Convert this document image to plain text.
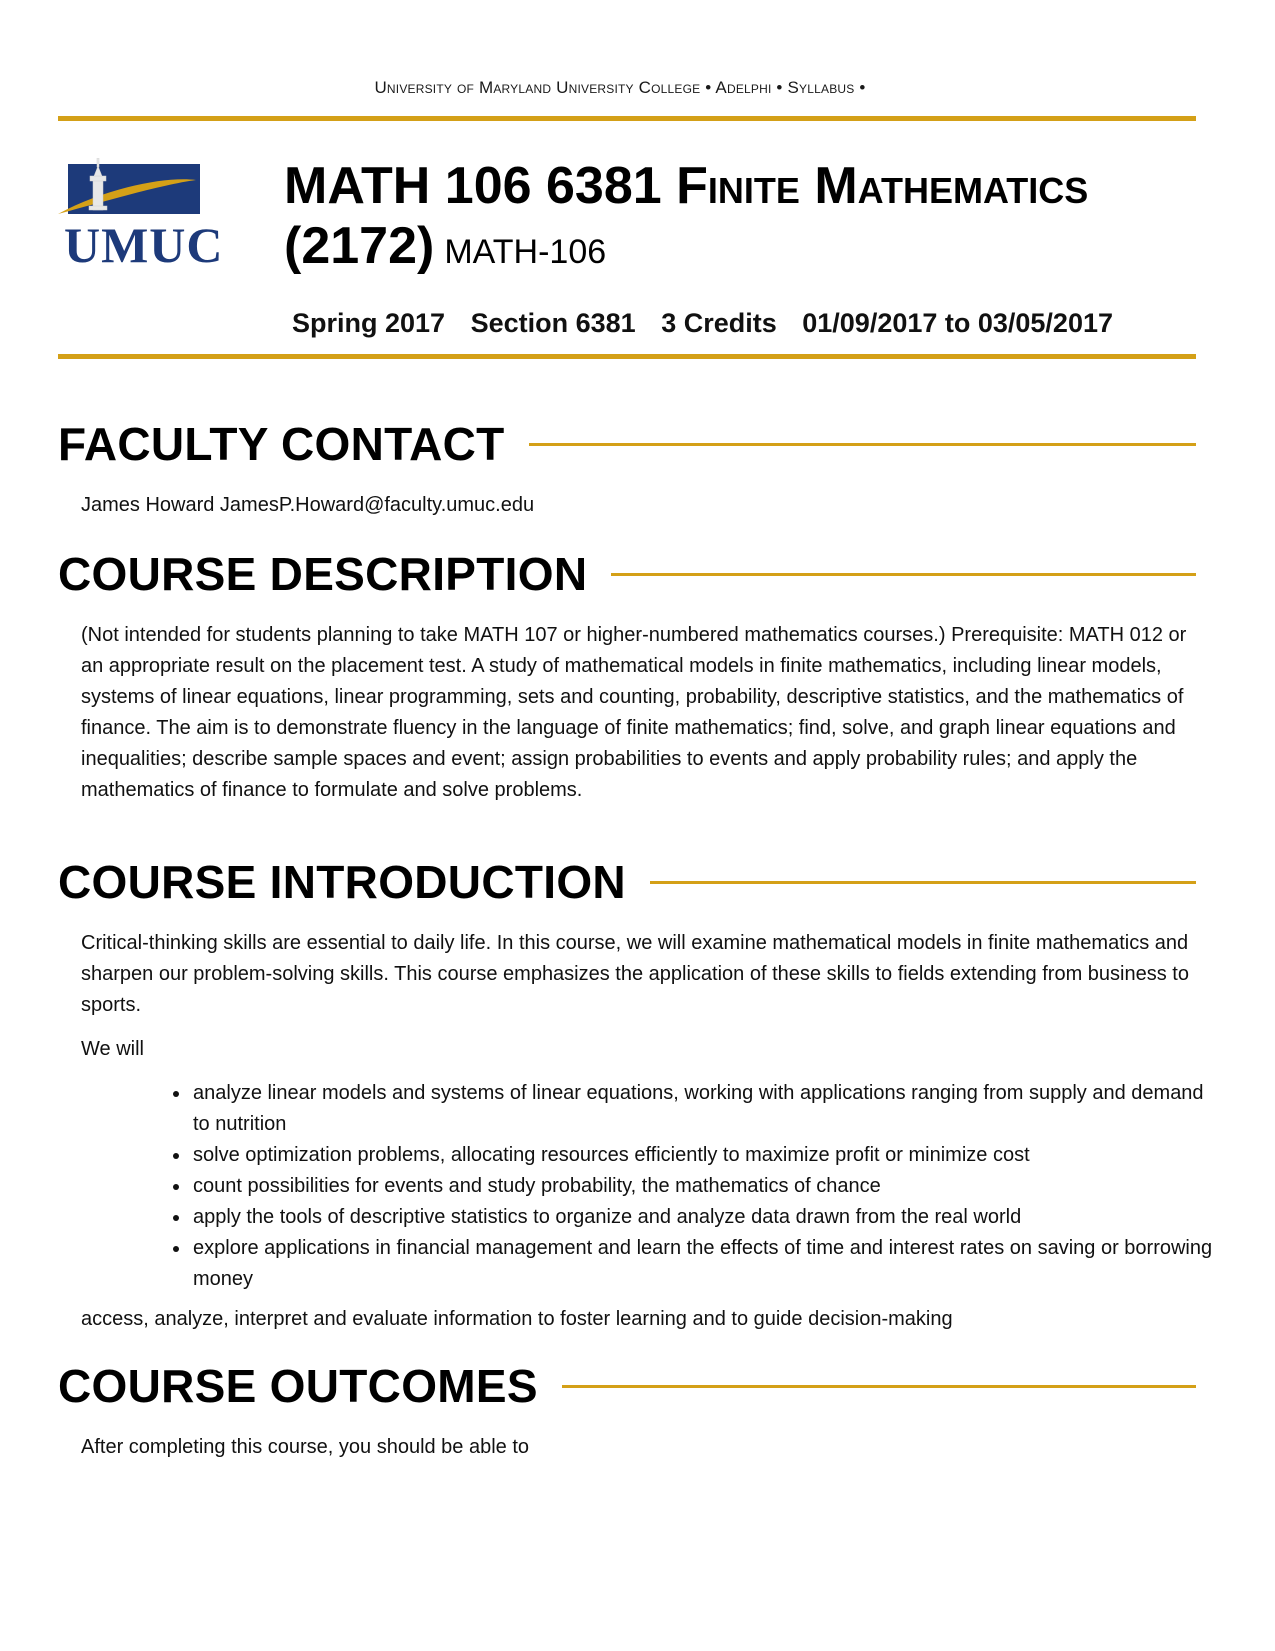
University of Maryland University College • Adelphi • Syllabus •
UMUC
MATH 106 6381 Finite Mathematics
(2172) MATH-106
Spring 2017 Section 6381 3 Credits 01/09/2017 to 03/05/2017
FACULTY CONTACT

James Howard JamesP.Howard@faculty.umuc.edu

COURSE DESCRIPTION

(Not intended for students planning to take MATH 107 or higher-numbered mathematics courses.) Prerequisite: MATH 012 or an appropriate result on the placement test. A study of mathematical models in finite mathematics, including linear models, systems of linear equations, linear programming, sets and counting, probability, descriptive statistics, and the mathematics of finance. The aim is to demonstrate fluency in the language of finite mathematics; find, solve, and graph linear equations and inequalities; describe sample spaces and event; assign probabilities to events and apply probability rules; and apply the mathematics of finance to formulate and solve problems.

COURSE INTRODUCTION

Critical-thinking skills are essential to daily life. In this course, we will examine mathematical models in finite mathematics and sharpen our problem-solving skills. This course emphasizes the application of these skills to fields extending from business to sports.

We will

• analyze linear models and systems of linear equations, working with applications ranging from supply and demand to nutrition
• solve optimization problems, allocating resources efficiently to maximize profit or minimize cost
• count possibilities for events and study probability, the mathematics of chance
• apply the tools of descriptive statistics to organize and analyze data drawn from the real world
• explore applications in financial management and learn the effects of time and interest rates on saving or borrowing money

access, analyze, interpret and evaluate information to foster learning and to guide decision-making

COURSE OUTCOMES

After completing this course, you should be able to
